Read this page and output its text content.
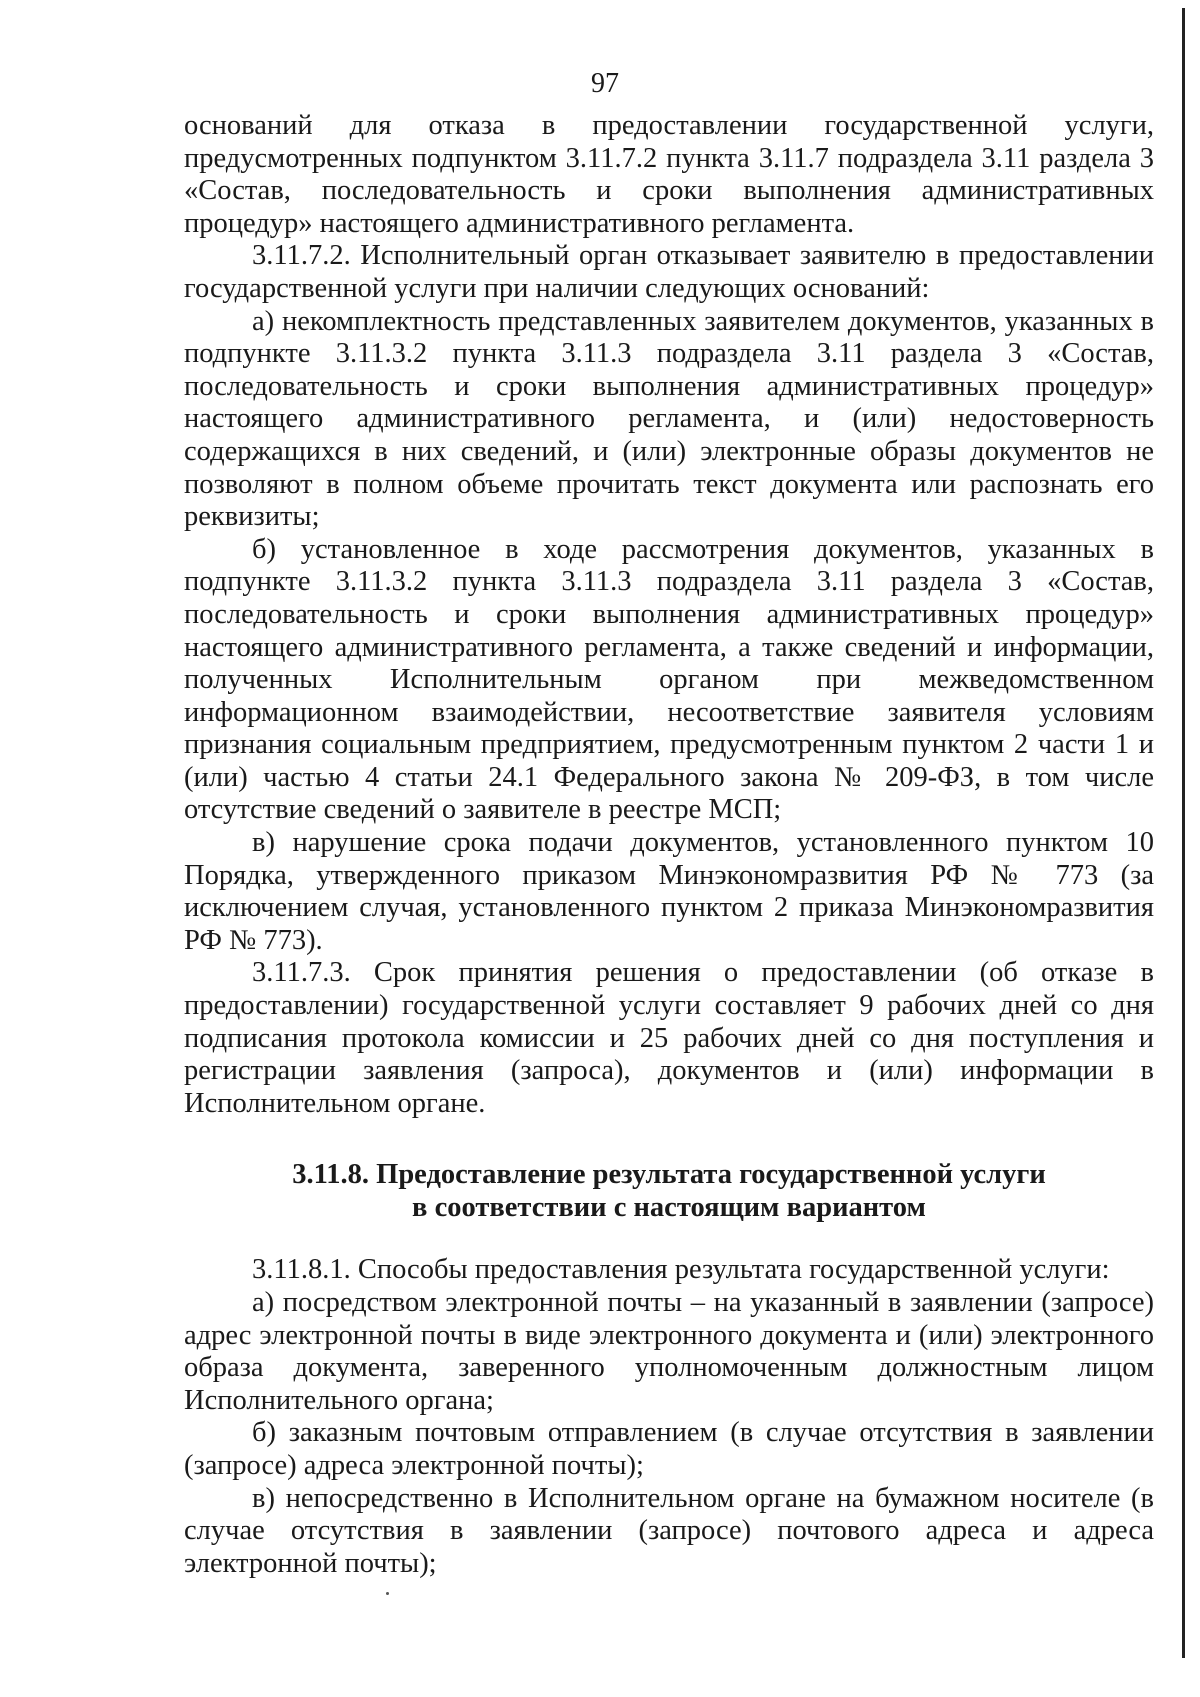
97

оснований для отказа в предоставлении государственной услуги, предусмотренных подпунктом 3.11.7.2 пункта 3.11.7 подраздела 3.11 раздела 3 «Состав, последовательность и сроки выполнения административных процедур» настоящего административного регламента.

3.11.7.2. Исполнительный орган отказывает заявителю в предоставлении государственной услуги при наличии следующих оснований:

а) некомплектность представленных заявителем документов, указанных в подпункте 3.11.3.2 пункта 3.11.3 подраздела 3.11 раздела 3 «Состав, последовательность и сроки выполнения административных процедур» настоящего административного регламента, и (или) недостоверность содержащихся в них сведений, и (или) электронные образы документов не позволяют в полном объеме прочитать текст документа или распознать его реквизиты;

б) установленное в ходе рассмотрения документов, указанных в подпункте 3.11.3.2 пункта 3.11.3 подраздела 3.11 раздела 3 «Состав, последовательность и сроки выполнения административных процедур» настоящего административного регламента, а также сведений и информации, полученных Исполнительным органом при межведомственном информационном взаимодействии, несоответствие заявителя условиям признания социальным предприятием, предусмотренным пунктом 2 части 1 и (или) частью 4 статьи 24.1 Федерального закона № 209-ФЗ, в том числе отсутствие сведений о заявителе в реестре МСП;

в) нарушение срока подачи документов, установленного пунктом 10 Порядка, утвержденного приказом Минэкономразвития РФ № 773 (за исключением случая, установленного пунктом 2 приказа Минэкономразвития РФ № 773).

3.11.7.3. Срок принятия решения о предоставлении (об отказе в предоставлении) государственной услуги составляет 9 рабочих дней со дня подписания протокола комиссии и 25 рабочих дней со дня поступления и регистрации заявления (запроса), документов и (или) информации в Исполнительном органе.

3.11.8. Предоставление результата государственной услуги
в соответствии с настоящим вариантом

3.11.8.1. Способы предоставления результата государственной услуги:

а) посредством электронной почты – на указанный в заявлении (запросе) адрес электронной почты в виде электронного документа и (или) электронного образа документа, заверенного уполномоченным должностным лицом Исполнительного органа;

б) заказным почтовым отправлением (в случае отсутствия в заявлении (запросе) адреса электронной почты);

в) непосредственно в Исполнительном органе на бумажном носителе (в случае отсутствия в заявлении (запросе) почтового адреса и адреса электронной почты);
